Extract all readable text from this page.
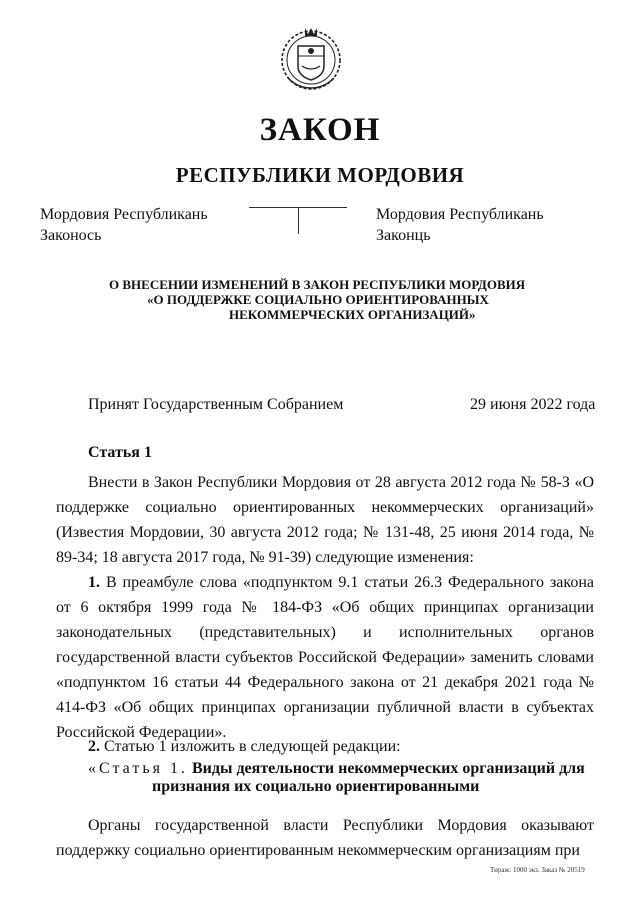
ЗАКОН
РЕСПУБЛИКИ МОРДОВИЯ
Мордовия Республикань
Законось
Мордовия Республикань
Законць
О ВНЕСЕНИИ ИЗМЕНЕНИЙ В ЗАКОН РЕСПУБЛИКИ МОРДОВИЯ
«О ПОДДЕРЖКЕ СОЦИАЛЬНО ОРИЕНТИРОВАННЫХ
НЕКОММЕРЧЕСКИХ ОРГАНИЗАЦИЙ»
Принят Государственным Собранием	29 июня 2022 года
Статья 1
Внести в Закон Республики Мордовия от 28 августа 2012 года № 58-З «О поддержке социально ориентированных некоммерческих организаций» (Известия Мордовии, 30 августа 2012 года; № 131-48, 25 июня 2014 года, № 89-34; 18 августа 2017 года, № 91-39) следующие изменения:
1. В преамбуле слова «подпунктом 9.1 статьи 26.3 Федерального закона от 6 октября 1999 года № 184-ФЗ «Об общих принципах организации законодательных (представительных) и исполнительных органов государственной власти субъектов Российской Федерации» заменить словами «подпунктом 16 статьи 44 Федерального закона от 21 декабря 2021 года № 414-ФЗ «Об общих принципах организации публичной власти в субъектах Российской Федерации».
2. Статью 1 изложить в следующей редакции:
«Статья 1. Виды деятельности некоммерческих организаций для
признания их социально ориентированными
Органы государственной власти Республики Мордовия оказывают поддержку социально ориентированным некоммерческим организациям при
Тираж: 1000 экз. Заказ № 20519
